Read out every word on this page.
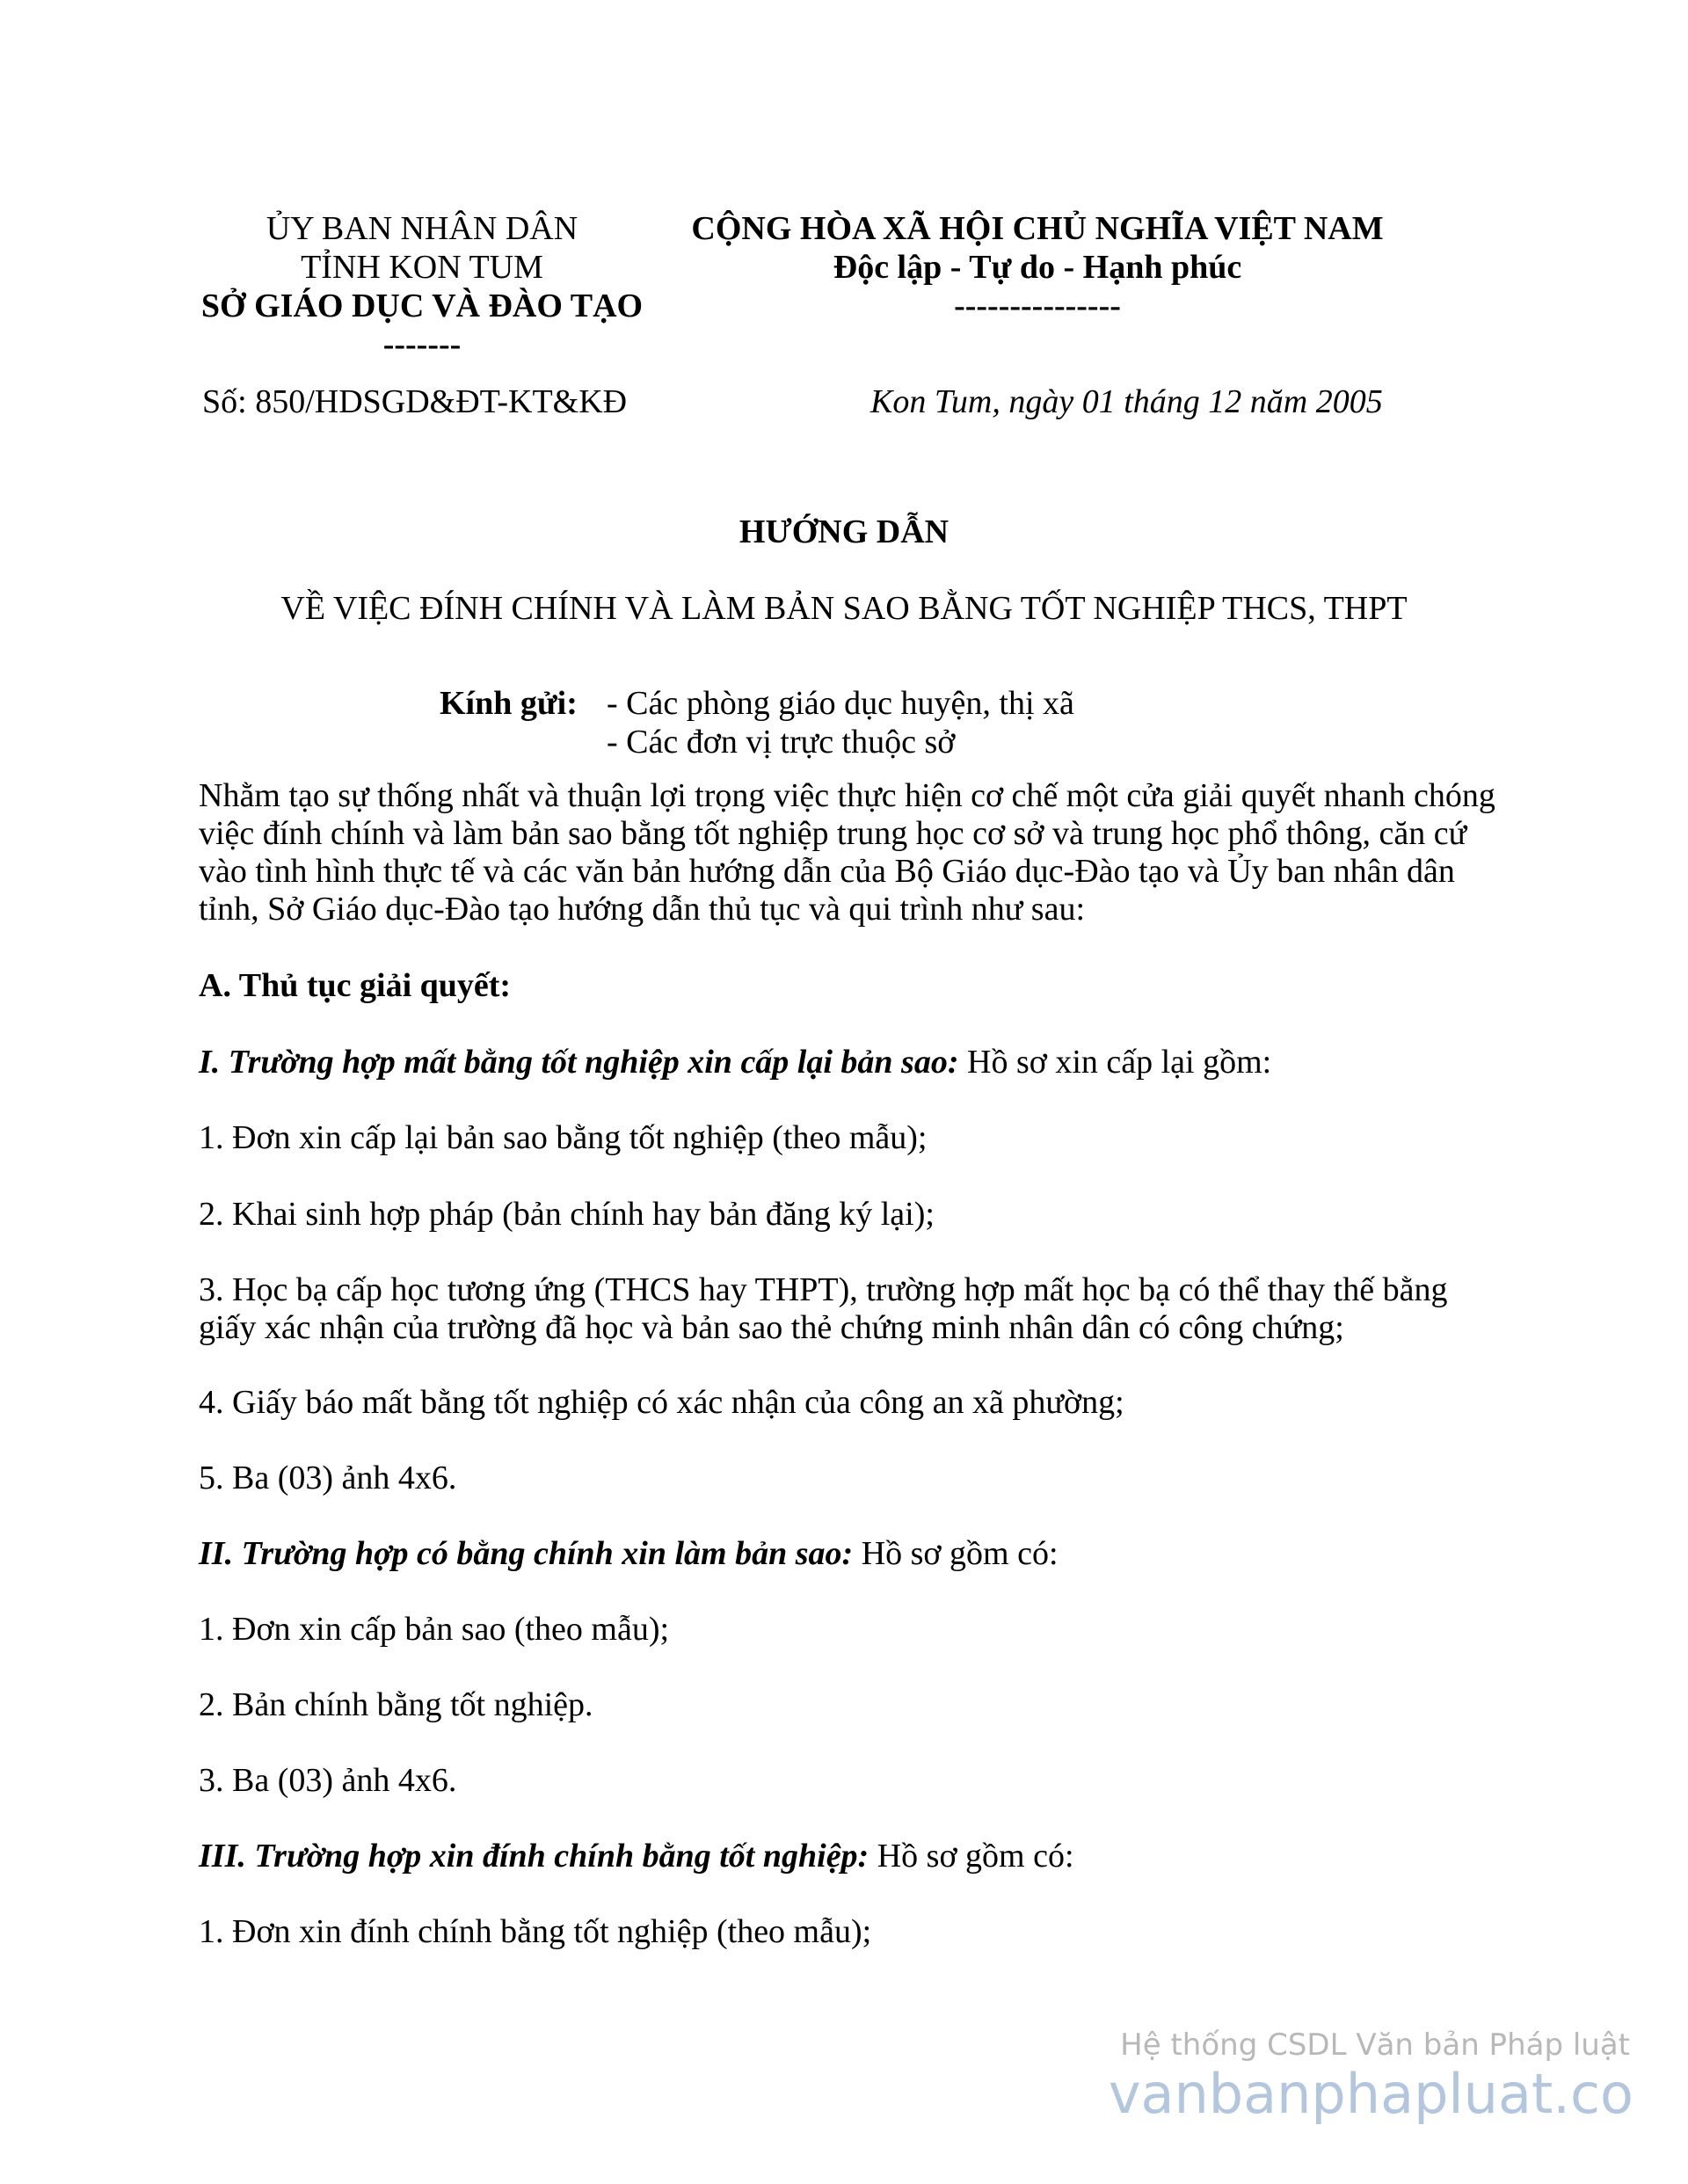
ỦY BAN NHÂN DÂN
TỈNH KON TUM
SỞ GIÁO DỤC VÀ ĐÀO TẠO
-------
CỘNG HÒA XÃ HỘI CHỦ NGHĨA VIỆT NAM
Độc lập - Tự do - Hạnh phúc
---------------
Số: 850/HDSGD&ĐT-KT&KĐ	Kon Tum, ngày 01 tháng 12 năm 2005
HƯỚNG DẪN
VỀ VIỆC ĐÍNH CHÍNH VÀ LÀM BẢN SAO BẰNG TỐT NGHIỆP THCS, THPT
Kính gửi: - Các phòng giáo dục huyện, thị xã
- Các đơn vị trực thuộc sở
Nhằm tạo sự thống nhất và thuận lợi trọng việc thực hiện cơ chế một cửa giải quyết nhanh chóng
việc đính chính và làm bản sao bằng tốt nghiệp trung học cơ sở và trung học phổ thông, căn cứ
vào tình hình thực tế và các văn bản hướng dẫn của Bộ Giáo dục-Đào tạo và Ủy ban nhân dân
tỉnh, Sở Giáo dục-Đào tạo hướng dẫn thủ tục và qui trình như sau:
A. Thủ tục giải quyết:
I. Trường hợp mất bằng tốt nghiệp xin cấp lại bản sao: Hồ sơ xin cấp lại gồm:
1. Đơn xin cấp lại bản sao bằng tốt nghiệp (theo mẫu);
2. Khai sinh hợp pháp (bản chính hay bản đăng ký lại);
3. Học bạ cấp học tương ứng (THCS hay THPT), trường hợp mất học bạ có thể thay thế bằng
giấy xác nhận của trường đã học và bản sao thẻ chứng minh nhân dân có công chứng;
4. Giấy báo mất bằng tốt nghiệp có xác nhận của công an xã phường;
5. Ba (03) ảnh 4x6.
II. Trường hợp có bằng chính xin làm bản sao: Hồ sơ gồm có:
1. Đơn xin cấp bản sao (theo mẫu);
2. Bản chính bằng tốt nghiệp.
3. Ba (03) ảnh 4x6.
III. Trường hợp xin đính chính bằng tốt nghiệp: Hồ sơ gồm có:
1. Đơn xin đính chính bằng tốt nghiệp (theo mẫu);
Hệ thống CSDL Văn bản Pháp luật
vanbanphapluat.co
